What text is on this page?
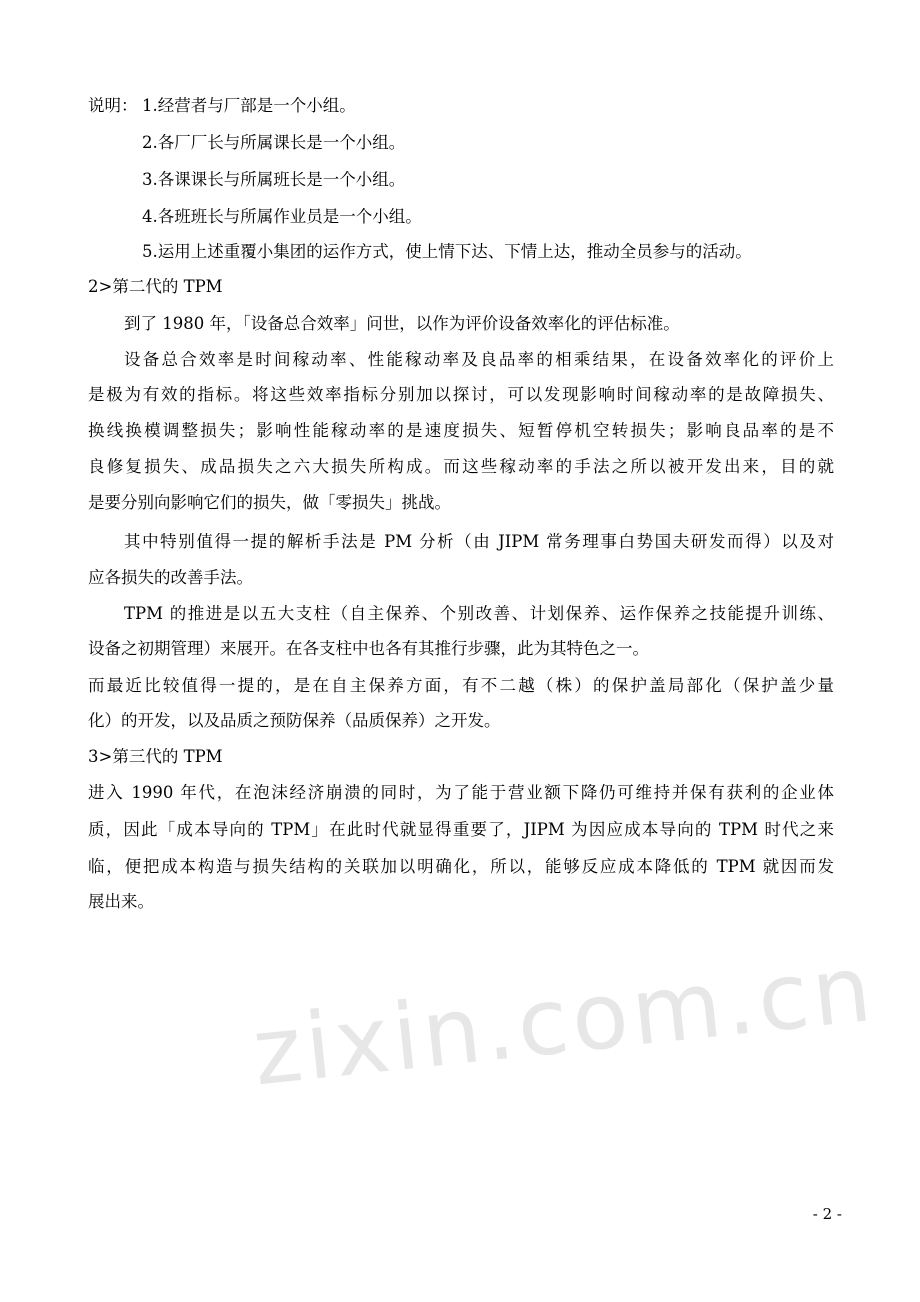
说明： 1.经营者与厂部是一个小组。
2.各厂厂长与所属课长是一个小组。
3.各课课长与所属班长是一个小组。
4.各班班长与所属作业员是一个小组。
5.运用上述重覆小集团的运作方式，使上情下达、下情上达，推动全员参与的活动。
2>第二代的 TPM
到了 1980 年，「设备总合效率」问世，以作为评价设备效率化的评估标准。
设备总合效率是时间稼动率、性能稼动率及良品率的相乘结果，在设备效率化的评价上
是极为有效的指标。将这些效率指标分别加以探讨，可以发现影响时间稼动率的是故障损失、
换线换模调整损失；影响性能稼动率的是速度损失、短暂停机空转损失；影响良品率的是不
良修复损失、成品损失之六大损失所构成。而这些稼动率的手法之所以被开发出来，目的就
是要分别向影响它们的损失，做「零损失」挑战。
其中特别值得一提的解析手法是 PM 分析（由 JIPM 常务理事白势国夫研发而得）以及对
应各损失的改善手法。
TPM 的推进是以五大支柱（自主保养、个别改善、计划保养、运作保养之技能提升训练、
设备之初期管理）来展开。在各支柱中也各有其推行步骤，此为其特色之一。
而最近比较值得一提的，是在自主保养方面，有不二越（株）的保护盖局部化（保护盖少量
化）的开发，以及品质之预防保养（品质保养）之开发。
3>第三代的 TPM
进入 1990 年代，在泡沫经济崩溃的同时，为了能于营业额下降仍可维持并保有获利的企业体
质，因此「成本导向的 TPM」在此时代就显得重要了，JIPM 为因应成本导向的 TPM 时代之来
临，便把成本构造与损失结构的关联加以明确化，所以，能够反应成本降低的 TPM 就因而发
展出来。
zixin.com.cn
- 2 -
